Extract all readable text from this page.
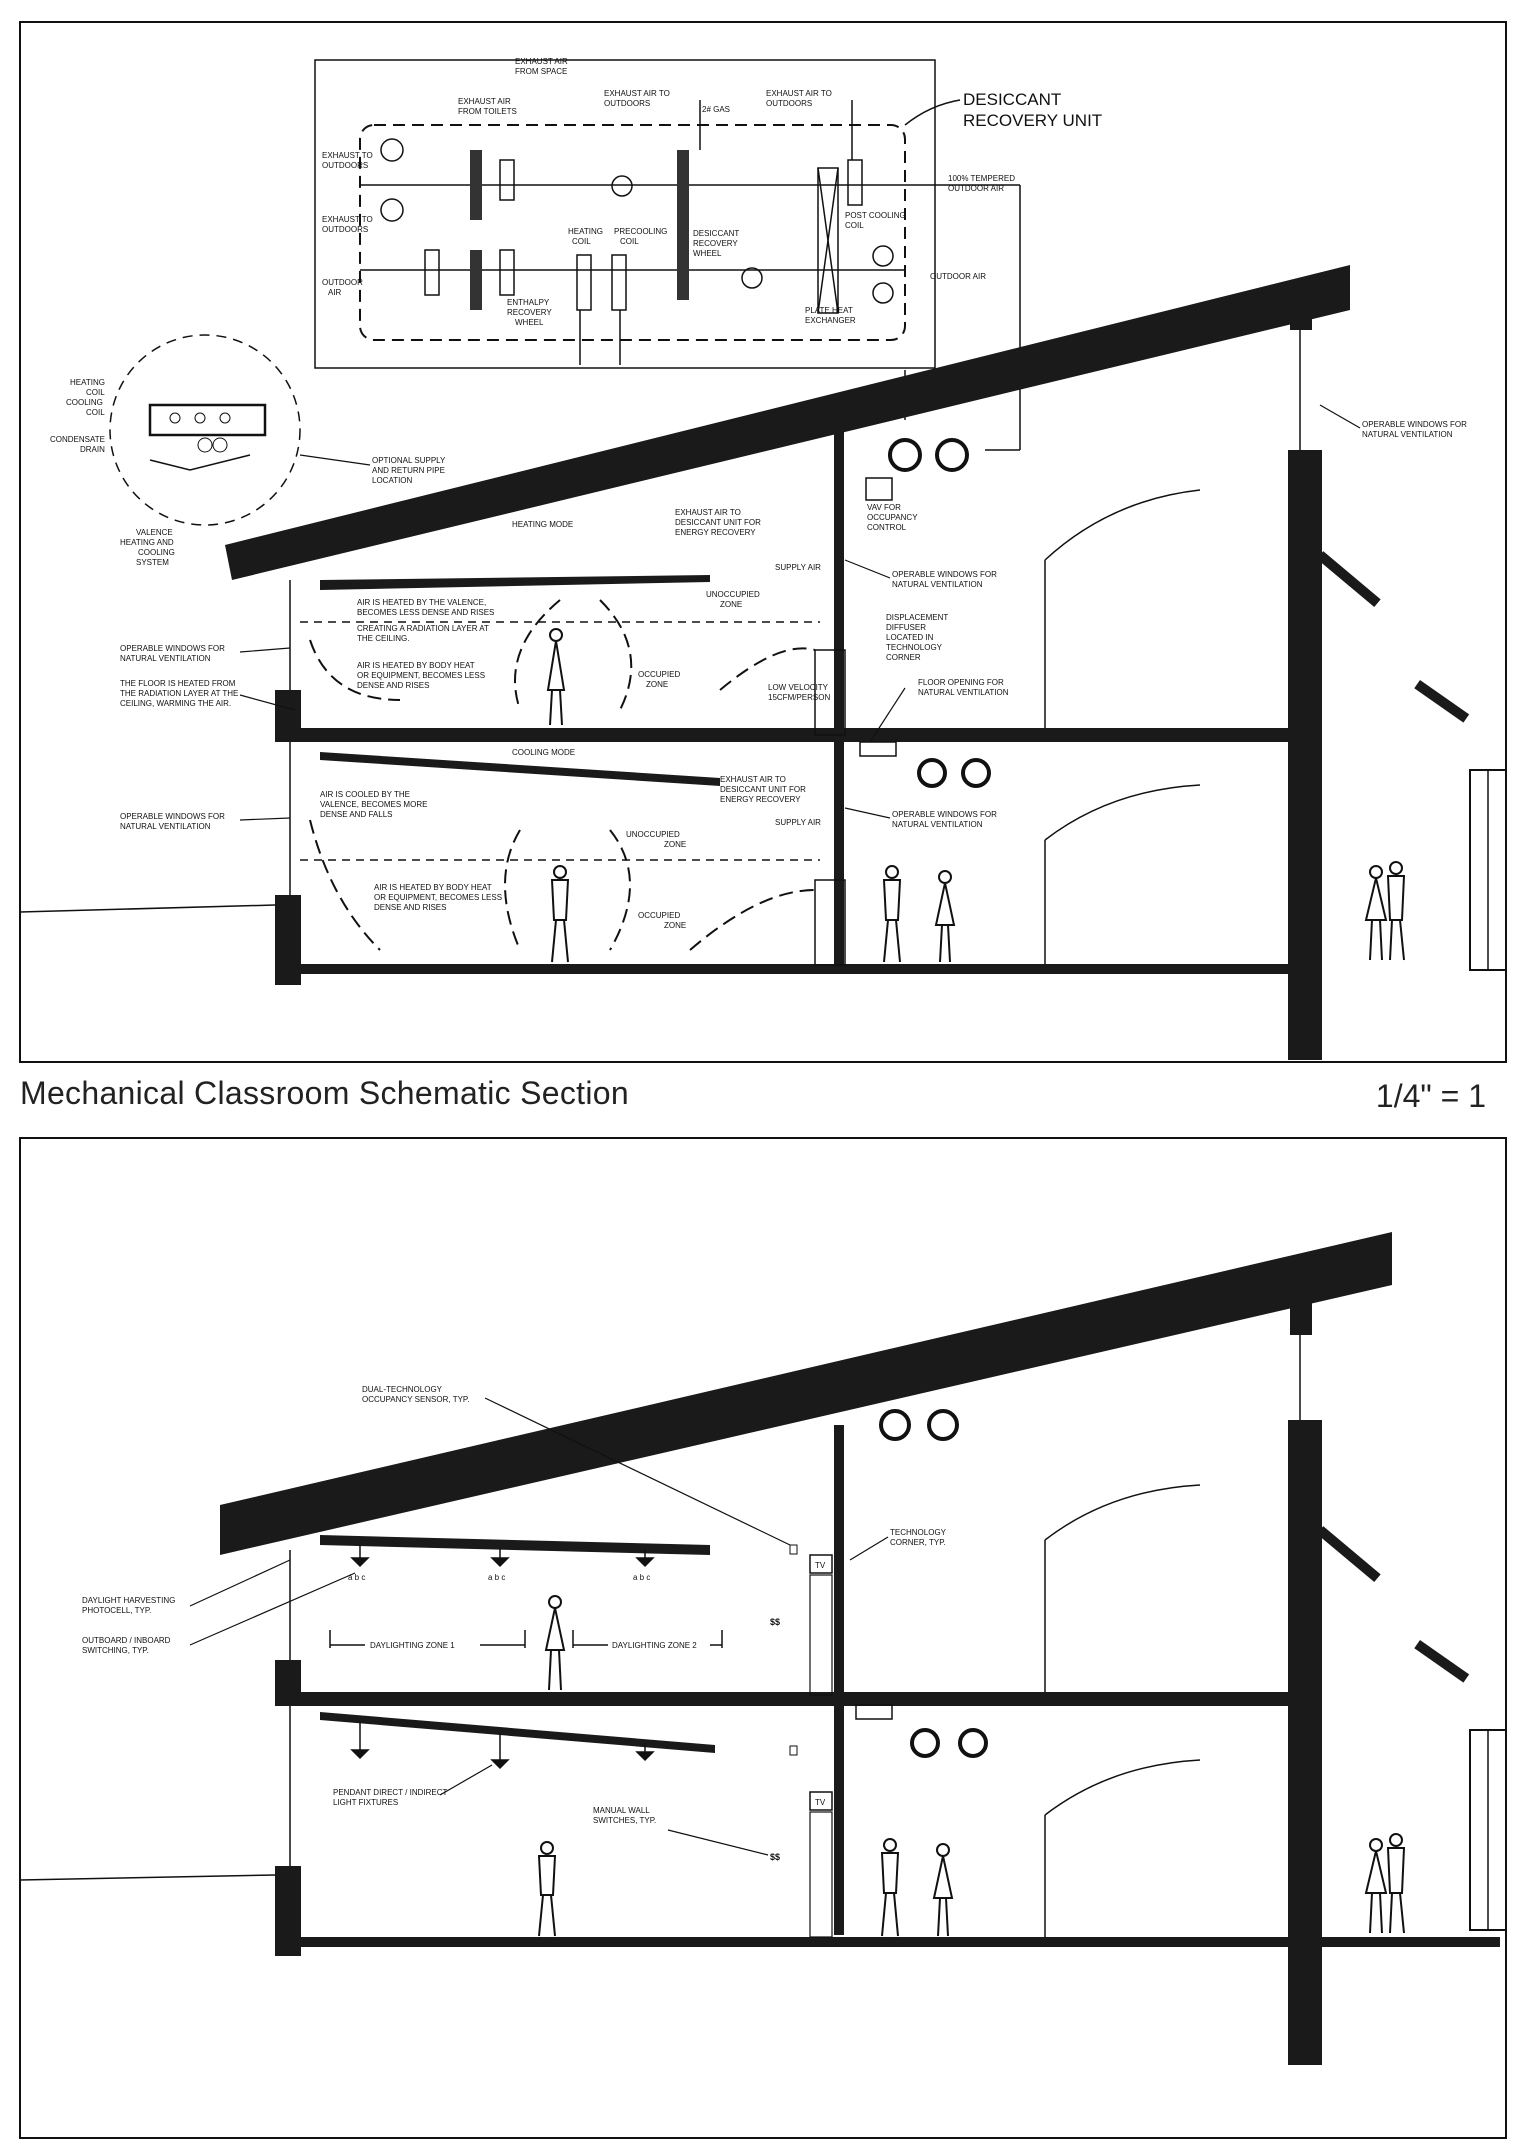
DESICCANT
RECOVERY UNIT
EXHAUST AIR
FROM SPACE
EXHAUST AIR
FROM TOILETS
EXHAUST AIR TO
OUTDOORS
2# GAS
EXHAUST AIR TO
OUTDOORS
EXHAUST TO
OUTDOORS
EXHAUST TO
OUTDOORS
OUTDOOR
AIR
100% TEMPERED
OUTDOOR AIR
HEATING
COIL
PRECOOLING
COIL
DESICCANT
RECOVERY
WHEEL
POST COOLING
COIL
OUTDOOR AIR
ENTHALPY
RECOVERY
WHEEL
PLATE HEAT
EXCHANGER
HEATING
COIL
COOLING
COIL
CONDENSATE
DRAIN
VALENCE
HEATING AND
COOLING
SYSTEM
OPTIONAL SUPPLY
AND RETURN PIPE
LOCATION
HEATING MODE
COOLING MODE
EXHAUST AIR TO
DESICCANT UNIT FOR
ENERGY RECOVERY
EXHAUST AIR TO
DESICCANT UNIT FOR
ENERGY RECOVERY
SUPPLY AIR
SUPPLY AIR
VAV FOR
OCCUPANCY
CONTROL
OPERABLE WINDOWS FOR
NATURAL VENTILATION
OPERABLE WINDOWS FOR
NATURAL VENTILATION
OPERABLE WINDOWS FOR
NATURAL VENTILATION
OPERABLE WINDOWS FOR
NATURAL VENTILATION
OPERABLE WINDOWS FOR
NATURAL VENTILATION
DISPLACEMENT
DIFFUSER
LOCATED IN
TECHNOLOGY
CORNER
FLOOR OPENING FOR
NATURAL VENTILATION
LOW VELOCITY
15CFM/PERSON
THE FLOOR IS HEATED FROM
THE RADIATION LAYER AT THE
CEILING, WARMING THE AIR.
AIR IS HEATED BY THE VALENCE,
BECOMES LESS DENSE AND RISES
CREATING A RADIATION LAYER AT
THE CEILING.
AIR IS HEATED BY BODY HEAT
OR EQUIPMENT, BECOMES LESS
DENSE AND RISES
AIR IS COOLED BY THE
VALENCE, BECOMES MORE
DENSE AND FALLS
AIR IS HEATED BY BODY HEAT
OR EQUIPMENT, BECOMES LESS
DENSE AND RISES
UNOCCUPIED
ZONE
OCCUPIED
ZONE
UNOCCUPIED
ZONE
OCCUPIED
ZONE
TV
TV
a b c	a b c	a b c
DAYLIGHTING ZONE 1	DAYLIGHTING ZONE 2
$$
$$
DUAL-TECHNOLOGY
OCCUPANCY SENSOR, TYP.
TECHNOLOGY
CORNER, TYP.
DAYLIGHT HARVESTING
PHOTOCELL, TYP.
OUTBOARD / INBOARD
SWITCHING, TYP.
PENDANT DIRECT / INDIRECT
LIGHT FIXTURES
MANUAL WALL
SWITCHES, TYP.
Mechanical Classroom Schematic Section	1/4" = 1
